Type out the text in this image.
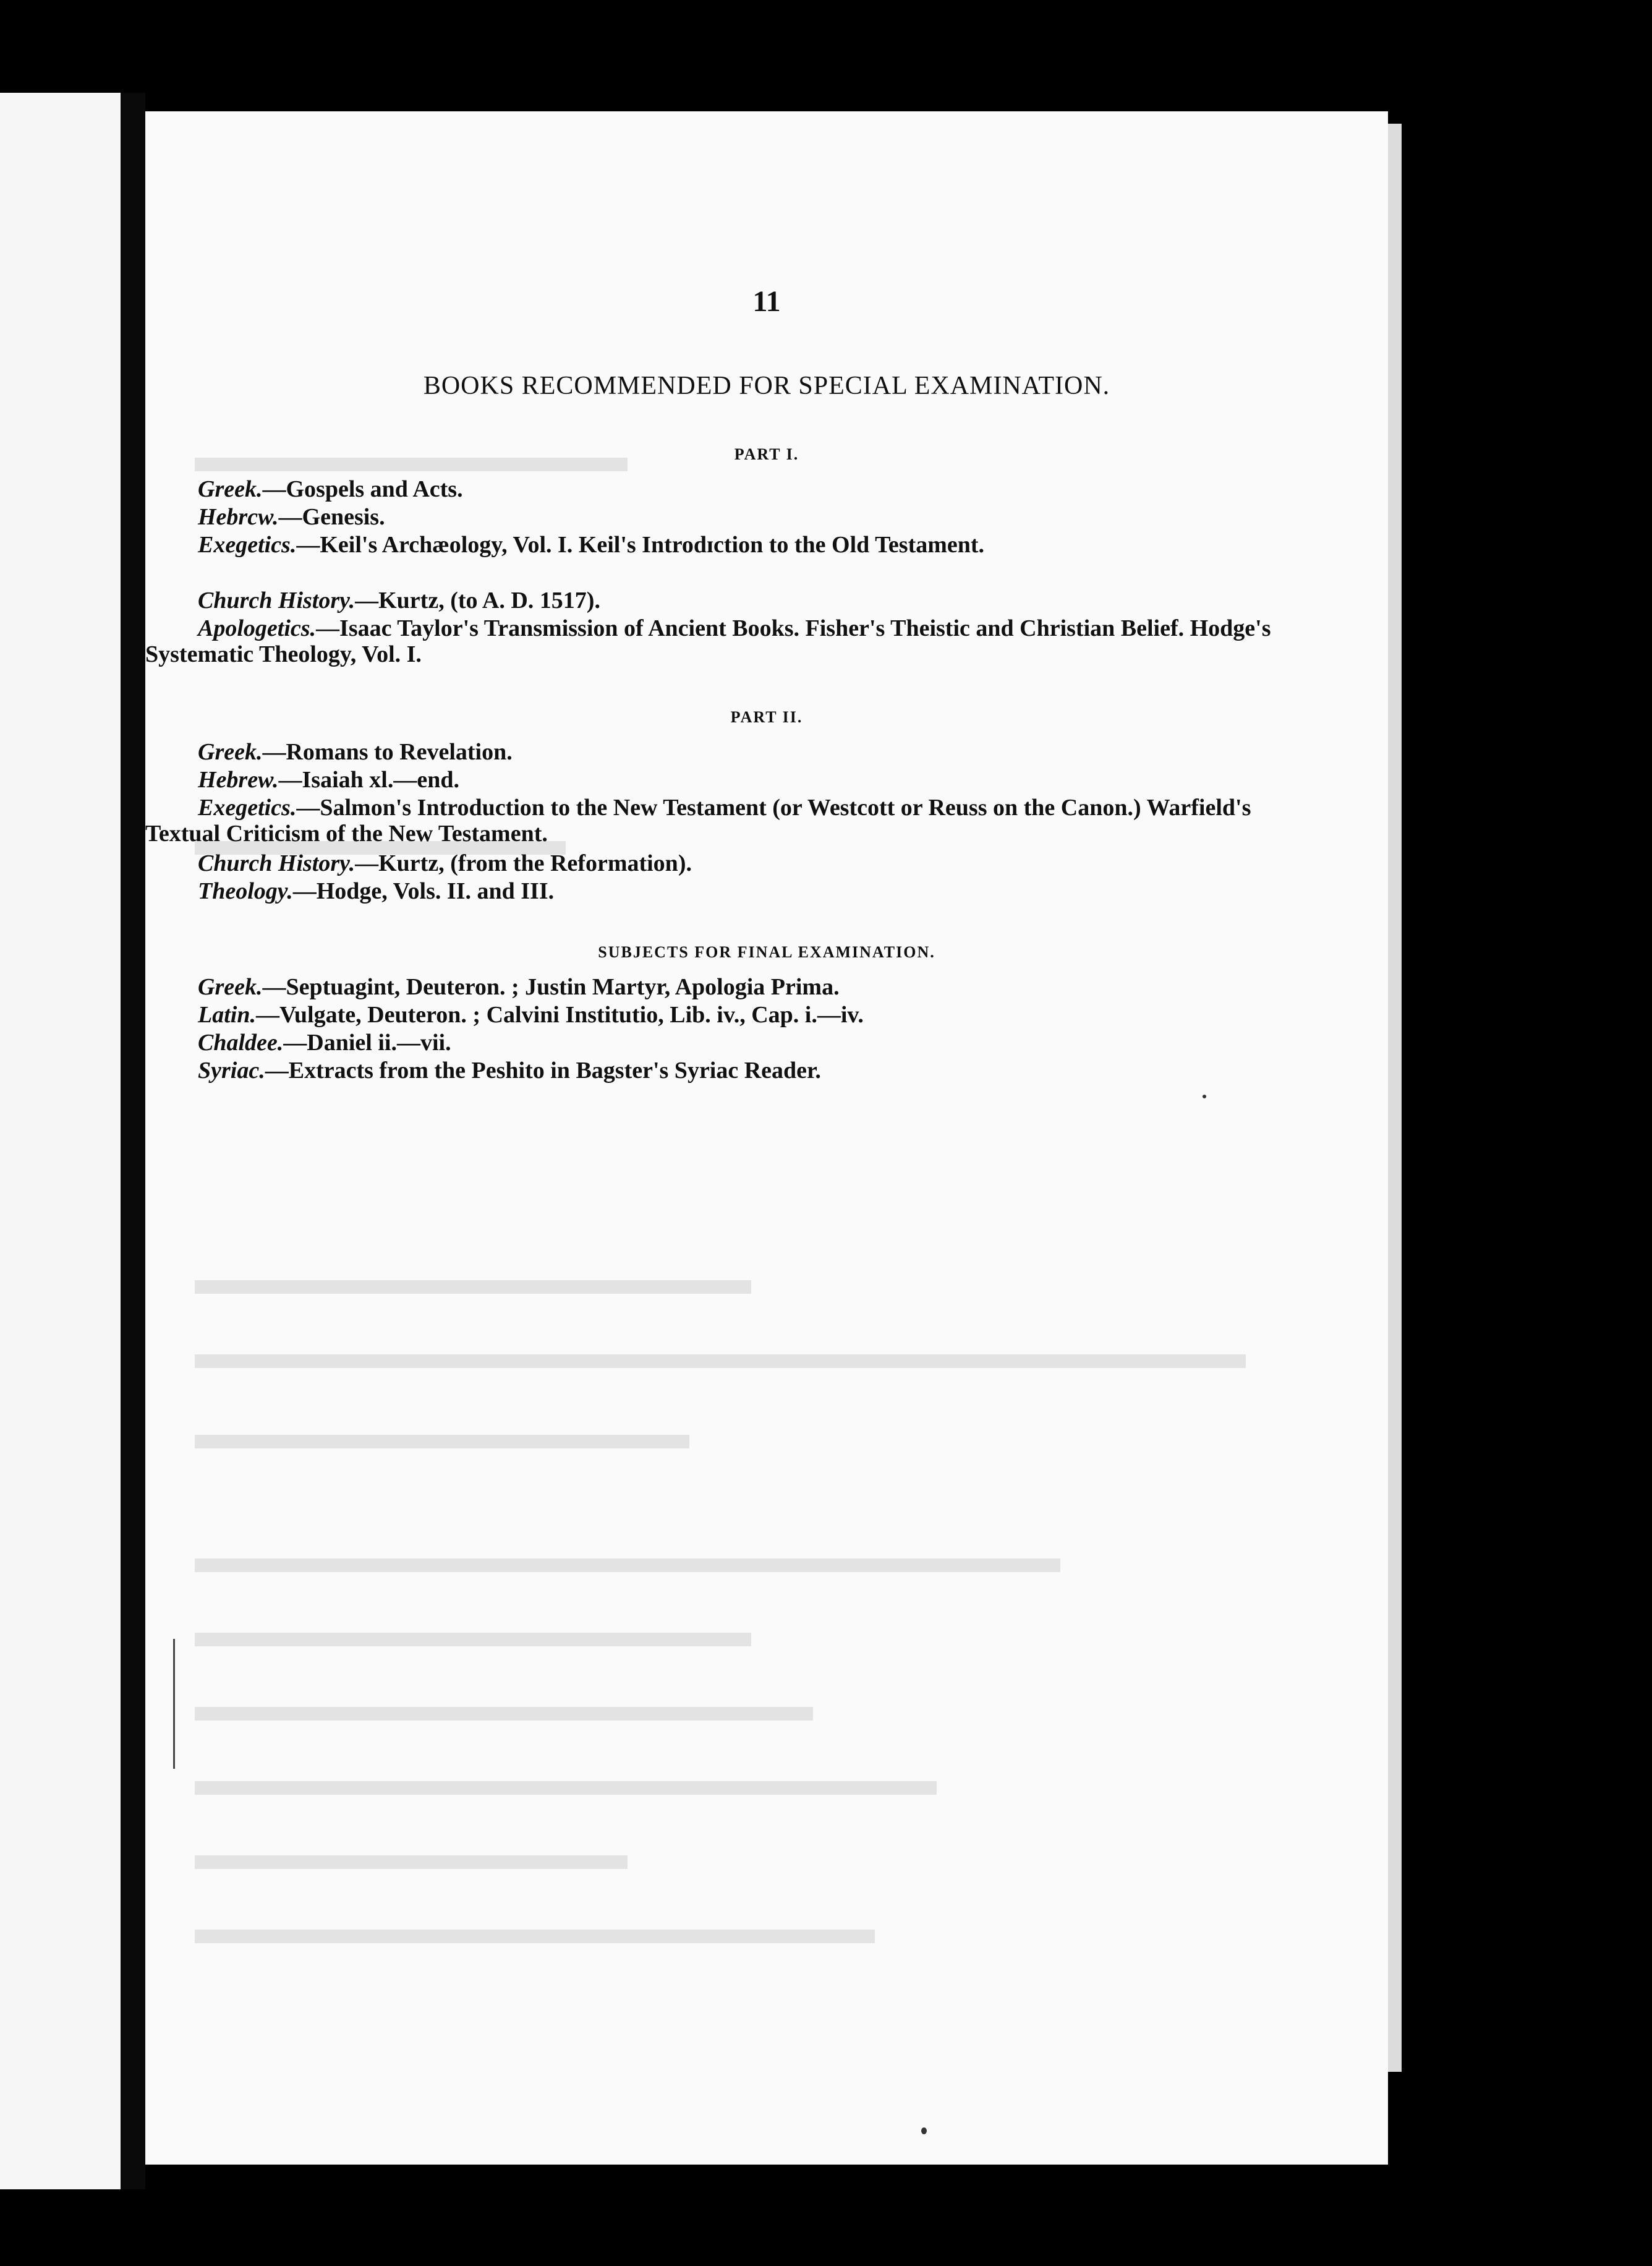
11
BOOKS RECOMMENDED FOR SPECIAL EXAMINATION.
PART I.
Greek.—Gospels and Acts.
Hebrcw.—Genesis.
Exegetics.—Keil's Archæology, Vol. I. Keil's Introdɪction to the Old Testament.
Church History.—Kurtz, (to A. D. 1517).
Apologetics.—Isaac Taylor's Transmission of Ancient Books. Fisher's Theistic and Christian Belief. Hodge's Systematic Theology, Vol. I.
PART II.
Greek.—Romans to Revelation.
Hebrew.—Isaiah xl.—end.
Exegetics.—Salmon's Introduction to the New Testament (or Westcott or Reuss on the Canon.) Warfield's Textual Criticism of the New Testament.
Church History.—Kurtz, (from the Reformation).
Theology.—Hodge, Vols. II. and III.
SUBJECTS FOR FINAL EXAMINATION.
Greek.—Septuagint, Deuteron. ; Justin Martyr, Apologia Prima.
Latin.—Vulgate, Deuteron. ; Calvini Institutio, Lib. iv., Cap. i.—iv.
Chaldee.—Daniel ii.—vii.
Syriac.—Extracts from the Peshito in Bagster's Syriac Reader.
